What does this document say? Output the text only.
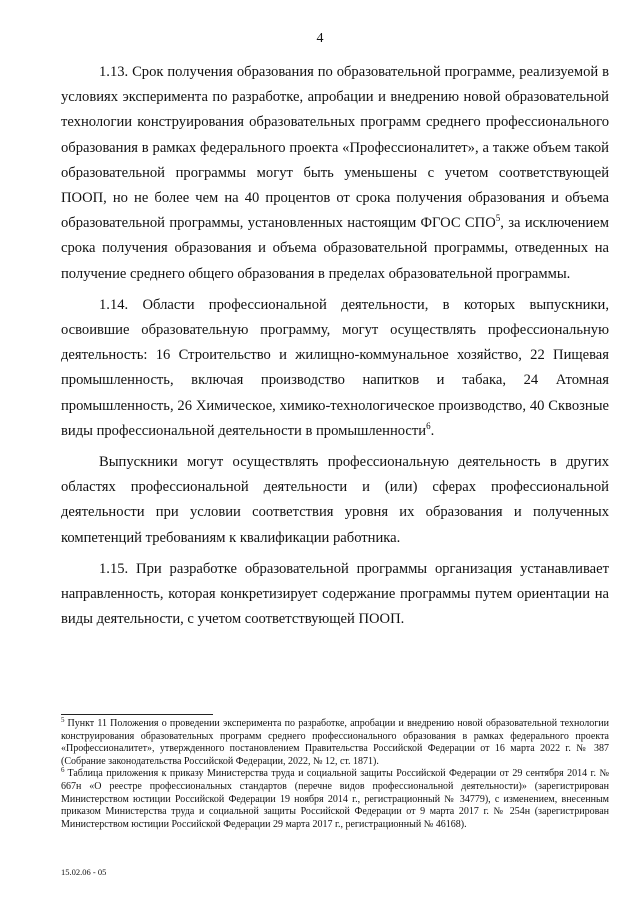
4

1.13. Срок получения образования по образовательной программе, реализуемой в условиях эксперимента по разработке, апробации и внедрению новой образовательной технологии конструирования образовательных программ среднего профессионального образования в рамках федерального проекта «Профессионалитет», а также объем такой образовательной программы могут быть уменьшены с учетом соответствующей ПООП, но не более чем на 40 процентов от срока получения образования и объема образовательной программы, установленных настоящим ФГОС СПО$^5$, за исключением срока получения образования и объема образовательной программы, отведенных на получение среднего общего образования в пределах образовательной программы.

1.14. Области профессиональной деятельности, в которых выпускники, освоившие образовательную программу, могут осуществлять профессиональную деятельность: 16 Строительство и жилищно-коммунальное хозяйство, 22 Пищевая промышленность, включая производство напитков и табака, 24 Атомная промышленность, 26 Химическое, химико-технологическое производство, 40 Сквозные виды профессиональной деятельности в промышленности$^6$.

Выпускники могут осуществлять профессиональную деятельность в других областях профессиональной деятельности и (или) сферах профессиональной деятельности при условии соответствия уровня их образования и полученных компетенций требованиям к квалификации работника.

1.15. При разработке образовательной программы организация устанавливает направленность, которая конкретизирует содержание программы путем ориентации на виды деятельности, с учетом соответствующей ПООП.

$^5$ Пункт 11 Положения о проведении эксперимента по разработке, апробации и внедрению новой образовательной технологии конструирования образовательных программ среднего профессионального образования в рамках федерального проекта «Профессионалитет», утвержденного постановлением Правительства Российской Федерации от 16 марта 2022 г. № 387 (Собрание законодательства Российской Федерации, 2022, № 12, ст. 1871).

$^6$ Таблица приложения к приказу Министерства труда и социальной защиты Российской Федерации от 29 сентября 2014 г. № 667н «О реестре профессиональных стандартов (перечне видов профессиональной деятельности)» (зарегистрирован Министерством юстиции Российской Федерации 19 ноября 2014 г., регистрационный № 34779), с изменением, внесенным приказом Министерства труда и социальной защиты Российской Федерации от 9 марта 2017 г. № 254н (зарегистрирован Министерством юстиции Российской Федерации 29 марта 2017 г., регистрационный № 46168).

15.02.06 - 05
